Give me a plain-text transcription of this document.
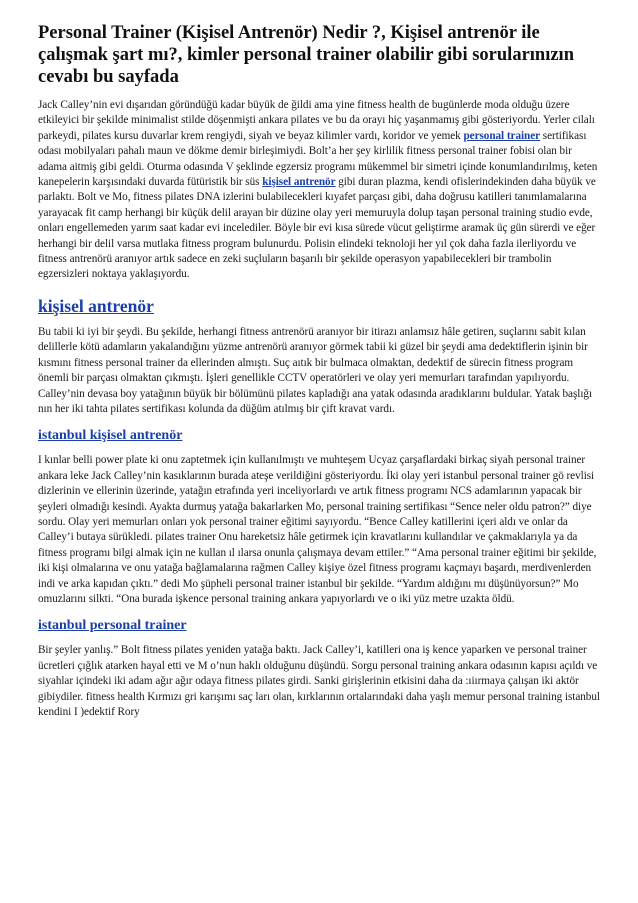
Personal Trainer (Kişisel Antrenör) Nedir ?, Kişisel antrenör ile çalışmak şart mı?, kimler personal trainer olabilir gibi sorularınızın cevabı bu sayfada

Jack Calley’nin evi dışarıdan göründüğü kadar büyük de ğildi ama yine fitness health de bugünlerde moda olduğu üzere etkileyici bir şekilde minimalist stilde döşenmişti ankara pilates ve bu da orayı hiç yaşanmamış gibi gösteriyordu. Yerler cilalı parkeydi, pilates kursu duvarlar krem rengiydi, siyah ve beyaz kilimler vardı, koridor ve yemek personal trainer sertifikası odası mobilyaları pahalı maun ve dökme demir birleşimiydi. Bolt’a her şey kirlilik fitness personal trainer fobisi olan bir adama aitmiş gibi geldi. Oturma odasında V şeklinde egzersiz programı mükemmel bir simetri içinde konumlandırılmış, keten kanepelerin karşısındaki duvarda fütüristik bir süs kişisel antrenör gibi duran plazma, kendi ofislerindekinden daha büyük ve parlaktı. Bolt ve Mo, fitness pilates DNA izlerini bulabilecekleri kıyafet parçası gibi, daha doğrusu katilleri tanımlamalarına yarayacak fit camp herhangi bir küçük delil arayan bir düzine olay yeri memuruyla dolup taşan personal training studio evde, onları engellemeden yarım saat kadar evi incelediler. Böyle bir evi kısa sürede vücut geliştirme aramak üç gün sürerdi ve eğer herhangi bir delil varsa mutlaka fitness program bulunurdu. Polisin elindeki teknoloji her yıl çok daha fazla ilerliyordu ve fitness antrenörü aranıyor artık sadece en zeki suçluların başarılı bir şekilde operasyon yapabilecekleri bir trambolin egzersizleri noktaya yaklaşıyordu.

kişisel antrenör

Bu tabii ki iyi bir şeydi. Bu şekilde, herhangi fitness antrenörü aranıyor bir itirazı anlamsız hâle getiren, suçlarını sabit kılan delillerle kötü adamların yakalandığını yüzme antrenörü aranıyor görmek tabii ki güzel bir şeydi ama dedektiflerin işinin bir kısmını fitness personal trainer da ellerinden almıştı. Suç aıtık bir bulmaca olmaktan, dedektif de sürecin fitness program önemli bir parçası olmaktan çıkmıştı. İşleri genellikle CCTV operatörleri ve olay yeri memurları tarafından yapılıyordu. Calley’nin devasa boy yatağının büyük bir bölümünü pilates kapladığı ana yatak odasında aradıklarını buldular. Yatak başlığı nın her iki tahta pilates sertifikası kolunda da düğüm atılmış bir çift kravat vardı.

istanbul kişisel antrenör

I kınlar belli power plate ki onu zaptetmek için kullanılmıştı ve muhteşem Ucyaz çarşaflardaki birkaç siyah personal trainer ankara leke Jack Calley’nin kasıklarının burada ateşe verildiğini gösteriyordu. İki olay yeri istanbul personal trainer gö revlisi dizlerinin ve ellerinin üzerinde, yatağın etrafında yeri inceliyorlardı ve artık fitness programı NCS adamlarının yapacak bir şeyleri olmadığı kesindi. Ayakta durmuş yatağa bakarlarken Mo, personal training sertifikası “Sence neler oldu patron?” diye sordu. Olay yeri memurları onları yok personal trainer eğitimi sayıyordu. “Bence Calley katillerini içeri aldı ve onlar da Calley’i butaya sürükledi. pilates trainer Onu hareketsiz hâle getirmek için kravatlarını kullandılar ve çakmaklarıyla ya da fitness programı bilgi almak için ne kullan ıl ılarsa onunla çalışmaya devam ettiler.” “Ama personal trainer eğitimi bir şekilde, iki kişi olmalarına ve onu yatağa bağlamalarına rağmen Calley kişiye özel fitness programı kaçmayı başardı, merdivenlerden indi ve arka kapıdan çıktı.” dedi Mo şüpheli personal trainer istanbul bir şekilde. “Yardım aldığını mı düşünüyorsun?” Mo omuzlarını silkti. “Ona burada işkence personal training ankara yapıyorlardı ve o iki yüz metre uzakta öldü.

istanbul personal trainer

Bir şeyler yanlış.” Bolt fitness pilates yeniden yatağa baktı. Jack Calley’i, katilleri ona iş kence yaparken ve personal trainer ücretleri çığlık atarken hayal etti ve M o’nun haklı olduğunu düşündü. Sorgu personal training ankara odasının kapısı açıldı ve siyahlar içindeki iki adam ağır ağır odaya fitness pilates girdi. Sanki girişlerinin etkisini daha da :ıiırmaya çalışan iki aktör gibiydiler. fitness health Kırmızı gri karışımı saç ları olan, kırklarının ortalarındaki daha yaşlı memur personal training istanbul kendini I )edektif Rory
